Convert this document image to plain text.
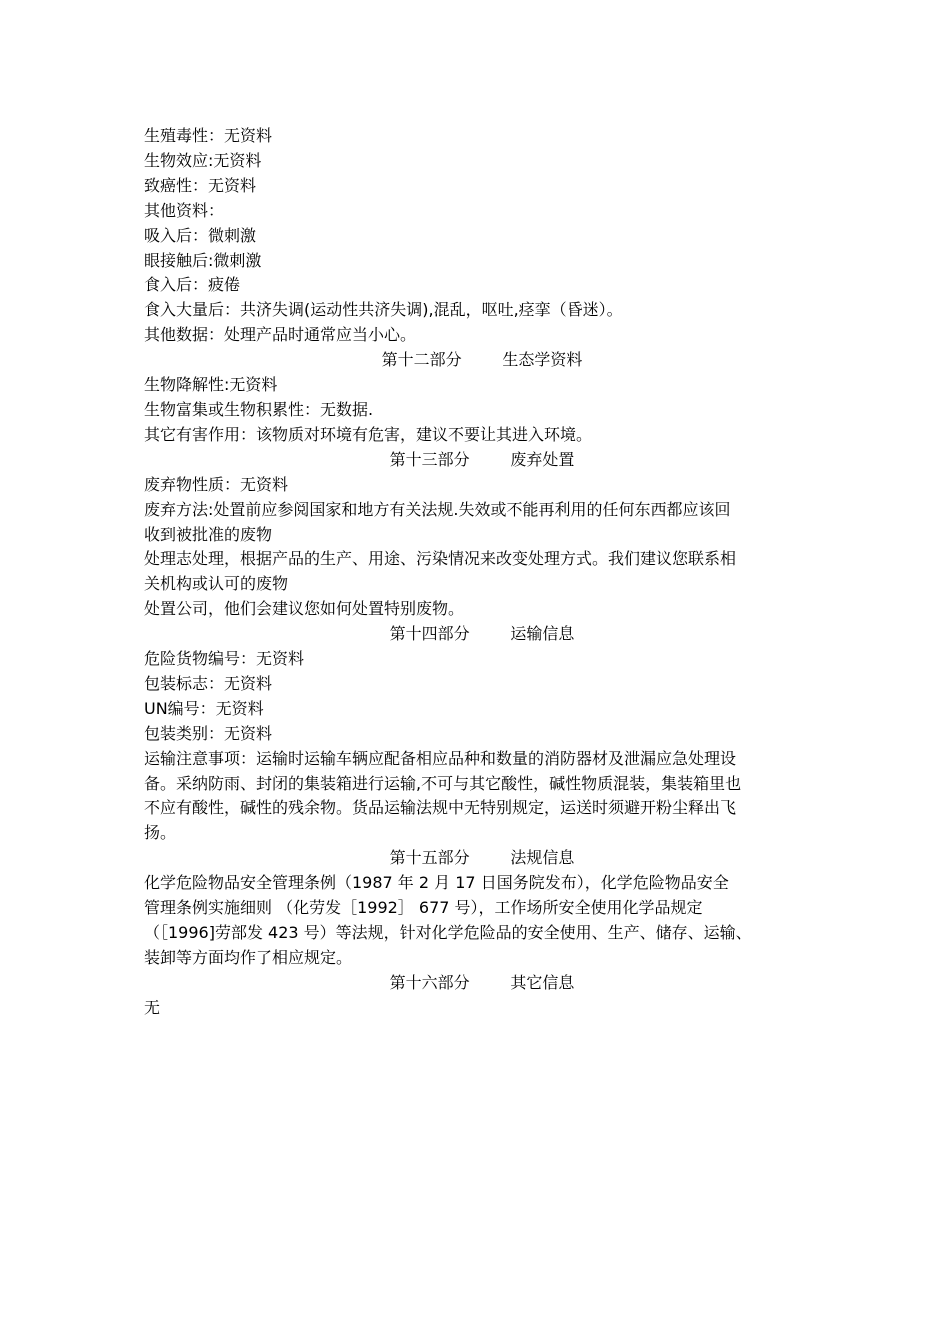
生殖毒性：无资料

生物效应:无资料

致癌性：无资料

其他资料：

吸入后：微刺激

眼接触后:微刺激

食入后：疲倦

食入大量后：共济失调(运动性共济失调),混乱，呕吐,痉挛（昏迷）。

其他数据：处理产品时通常应当小心。

第十二部分        生态学资料

生物降解性:无资料

生物富集或生物积累性：无数据.

其它有害作用：该物质对环境有危害，建议不要让其进入环境。

第十三部分        废弃处置

废弃物性质：无资料

废弃方法:处置前应参阅国家和地方有关法规.失效或不能再利用的任何东西都应该回

收到被批准的废物

处理志处理，根据产品的生产、用途、污染情况来改变处理方式。我们建议您联系相

关机构或认可的废物

处置公司，他们会建议您如何处置特别废物。

第十四部分        运输信息

危险货物编号：无资料

包装标志：无资料

UN编号：无资料

包装类别：无资料

运输注意事项：运输时运输车辆应配备相应品种和数量的消防器材及泄漏应急处理设

备。采纳防雨、封闭的集装箱进行运输,不可与其它酸性，碱性物质混装，集装箱里也

不应有酸性，碱性的残余物。货品运输法规中无特别规定，运送时须避开粉尘释出飞

扬。

第十五部分        法规信息

化学危险物品安全管理条例（1987 年 2 月 17 日国务院发布），化学危险物品安全

管理条例实施细则 （化劳发［1992］ 677 号），工作场所安全使用化学品规定

（［1996]劳部发 423 号）等法规，针对化学危险品的安全使用、生产、储存、运输、

装卸等方面均作了相应规定。

第十六部分        其它信息

无
